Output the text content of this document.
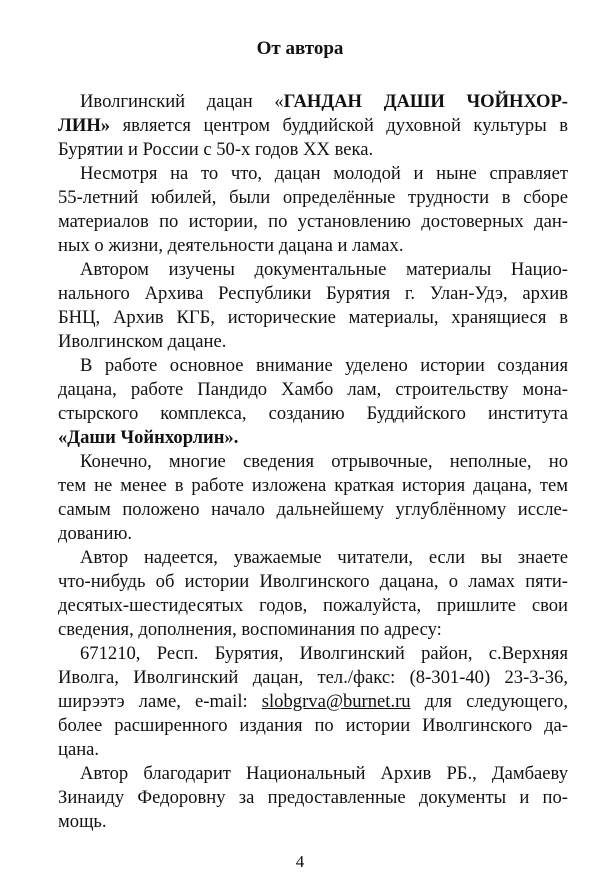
От автора
Иволгинский дацан «ГАНДАН ДАШИ ЧОЙНХОР-
ЛИН» является центром буддийской духовной культуры в
Бурятии и России с 50-х годов XX века.
Несмотря на то что, дацан молодой и ныне справляет
55-летний юбилей, были определённые трудности в сборе
материалов по истории, по установлению достоверных дан-
ных о жизни, деятельности дацана и ламах.
Автором изучены документальные материалы Нацио-
нального Архива Республики Бурятия г. Улан-Удэ, архив
БНЦ, Архив КГБ, исторические материалы, хранящиеся в
Иволгинском дацане.
В работе основное внимание уделено истории создания
дацана, работе Пандидо Хамбо лам, строительству мона-
стырского комплекса, созданию Буддийского института
«Даши Чойнхорлин».
Конечно, многие сведения отрывочные, неполные, но
тем не менее в работе изложена краткая история дацана, тем
самым положено начало дальнейшему углублённому иссле-
дованию.
Автор надеется, уважаемые читатели, если вы знаете
что-нибудь об истории Иволгинского дацана, о ламах пяти-
десятых-шестидесятых годов, пожалуйста, пришлите свои
сведения, дополнения, воспоминания по адресу:
671210, Респ. Бурятия, Иволгинский район, с.Верхняя
Иволга, Иволгинский дацан, тел./факс: (8-301-40) 23-3-36,
ширээтэ ламе, e-mail: slobgrva@burnet.ru для следующего,
более расширенного издания по истории Иволгинского да-
цана.
Автор благодарит Национальный Архив РБ., Дамбаеву
Зинаиду Федоровну за предоставленные документы и по-
мощь.
4
